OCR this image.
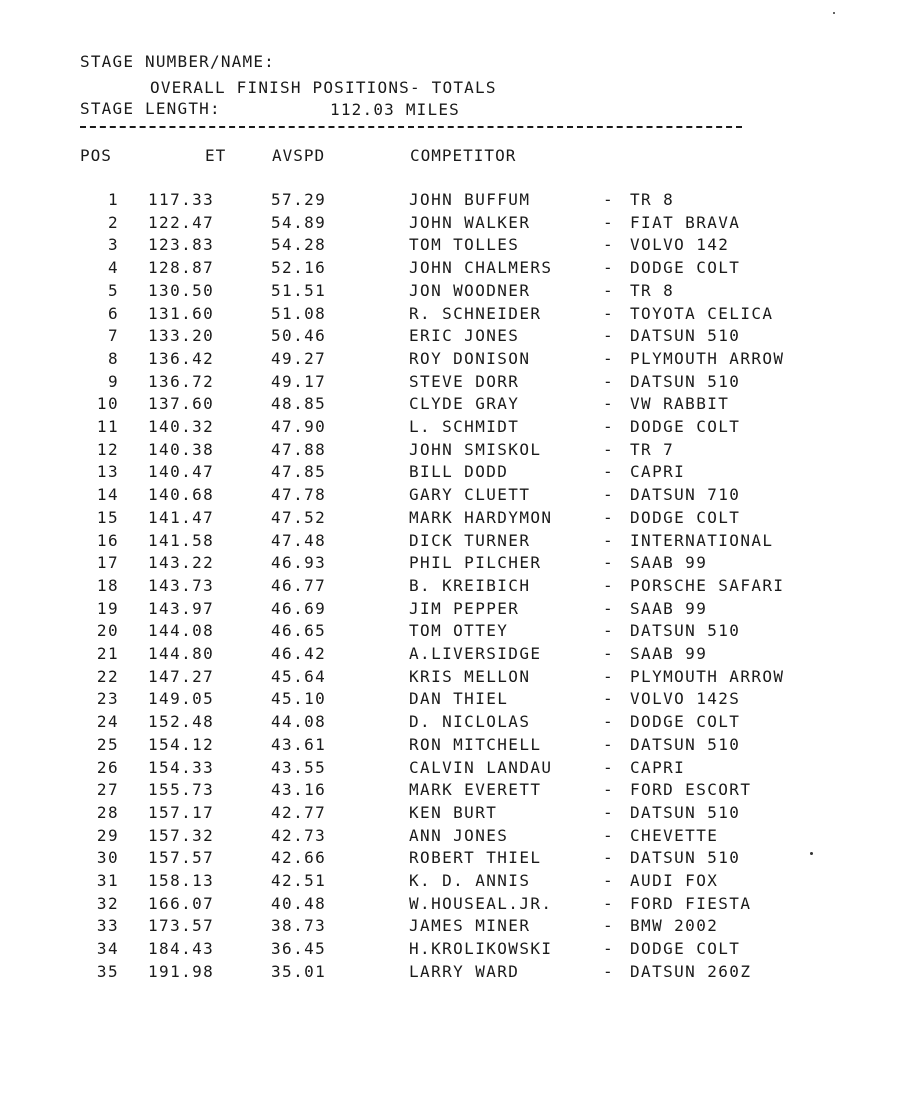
STAGE NUMBER/NAME:
OVERALL FINISH POSITIONS- TOTALS
STAGE LENGTH:	112.03 MILES
POS	ET	AVSPD	COMPETITOR
1 117.33	57.29	JOHN BUFFUM	- TR 8
2 122.47	54.89	JOHN WALKER	- FIAT BRAVA
3 123.83	54.28	TOM TOLLES	- VOLVO 142
4 128.87	52.16	JOHN CHALMERS	- DODGE COLT
5 130.50	51.51	JON WOODNER	- TR 8
6 131.60	51.08	R. SCHNEIDER	- TOYOTA CELICA
7 133.20	50.46	ERIC JONES	- DATSUN 510
8 136.42	49.27	ROY DONISON	- PLYMOUTH ARROW
9 136.72	49.17	STEVE DORR	- DATSUN 510
10 137.60	48.85	CLYDE GRAY	- VW RABBIT
11 140.32	47.90	L. SCHMIDT	- DODGE COLT
12 140.38	47.88	JOHN SMISKOL	- TR 7
13 140.47	47.85	BILL DODD	- CAPRI
14 140.68	47.78	GARY CLUETT	- DATSUN 710
15 141.47	47.52	MARK HARDYMON	- DODGE COLT
16 141.58	47.48	DICK TURNER	- INTERNATIONAL
17 143.22	46.93	PHIL PILCHER	- SAAB 99
18 143.73	46.77	B. KREIBICH	- PORSCHE SAFARI
19 143.97	46.69	JIM PEPPER	- SAAB 99
20 144.08	46.65	TOM OTTEY	- DATSUN 510
21 144.80	46.42	A.LIVERSIDGE	- SAAB 99
22 147.27	45.64	KRIS MELLON	- PLYMOUTH ARROW
23 149.05	45.10	DAN THIEL	- VOLVO 142S
24 152.48	44.08	D. NICLOLAS	- DODGE COLT
25 154.12	43.61	RON MITCHELL	- DATSUN 510
26 154.33	43.55	CALVIN LANDAU	- CAPRI
27 155.73	43.16	MARK EVERETT	- FORD ESCORT
28 157.17	42.77	KEN BURT	- DATSUN 510
29 157.32	42.73	ANN JONES	- CHEVETTE
30 157.57	42.66	ROBERT THIEL	- DATSUN 510
31 158.13	42.51	K. D. ANNIS	- AUDI FOX
32 166.07	40.48	W.HOUSEAL.JR.	- FORD FIESTA
33 173.57	38.73	JAMES MINER	- BMW 2002
34 184.43	36.45	H.KROLIKOWSKI	- DODGE COLT
35 191.98	35.01	LARRY WARD	- DATSUN 260Z
